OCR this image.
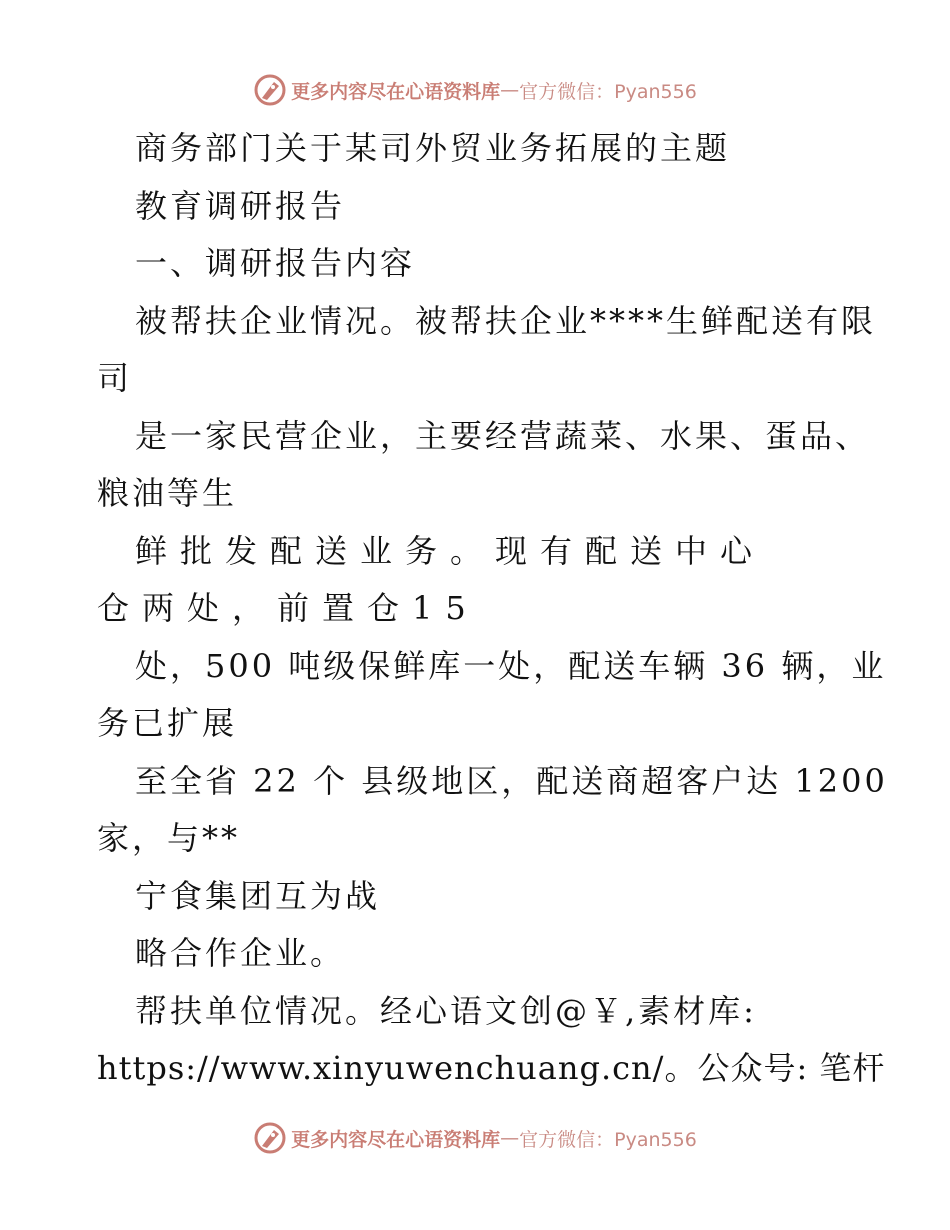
更多内容尽在心语资料库 — 官方微信：Pyan556
商务部门关于某司外贸业务拓展的主题
教育调研报告
一、调研报告内容
被帮扶企业情况。被帮扶企业****生鲜配送有限
司
是一家民营企业，主要经营蔬菜、水果、蛋品、
粮油等生
鲜批发配送业务。现有配送中心
仓两处，前置仓15
处，500 吨级保鲜库一处，配送车辆 36 辆，业
务已扩展
至全省 22 个 县级地区，配送商超客户达 1200
家，与**
宁食集团互为战
略合作企业。
帮扶单位情况。经心语文创@￥,素材库:
https://www.xinyuwenchuang.cn/。公众号: 笔杆
更多内容尽在心语资料库 — 官方微信：Pyan556
